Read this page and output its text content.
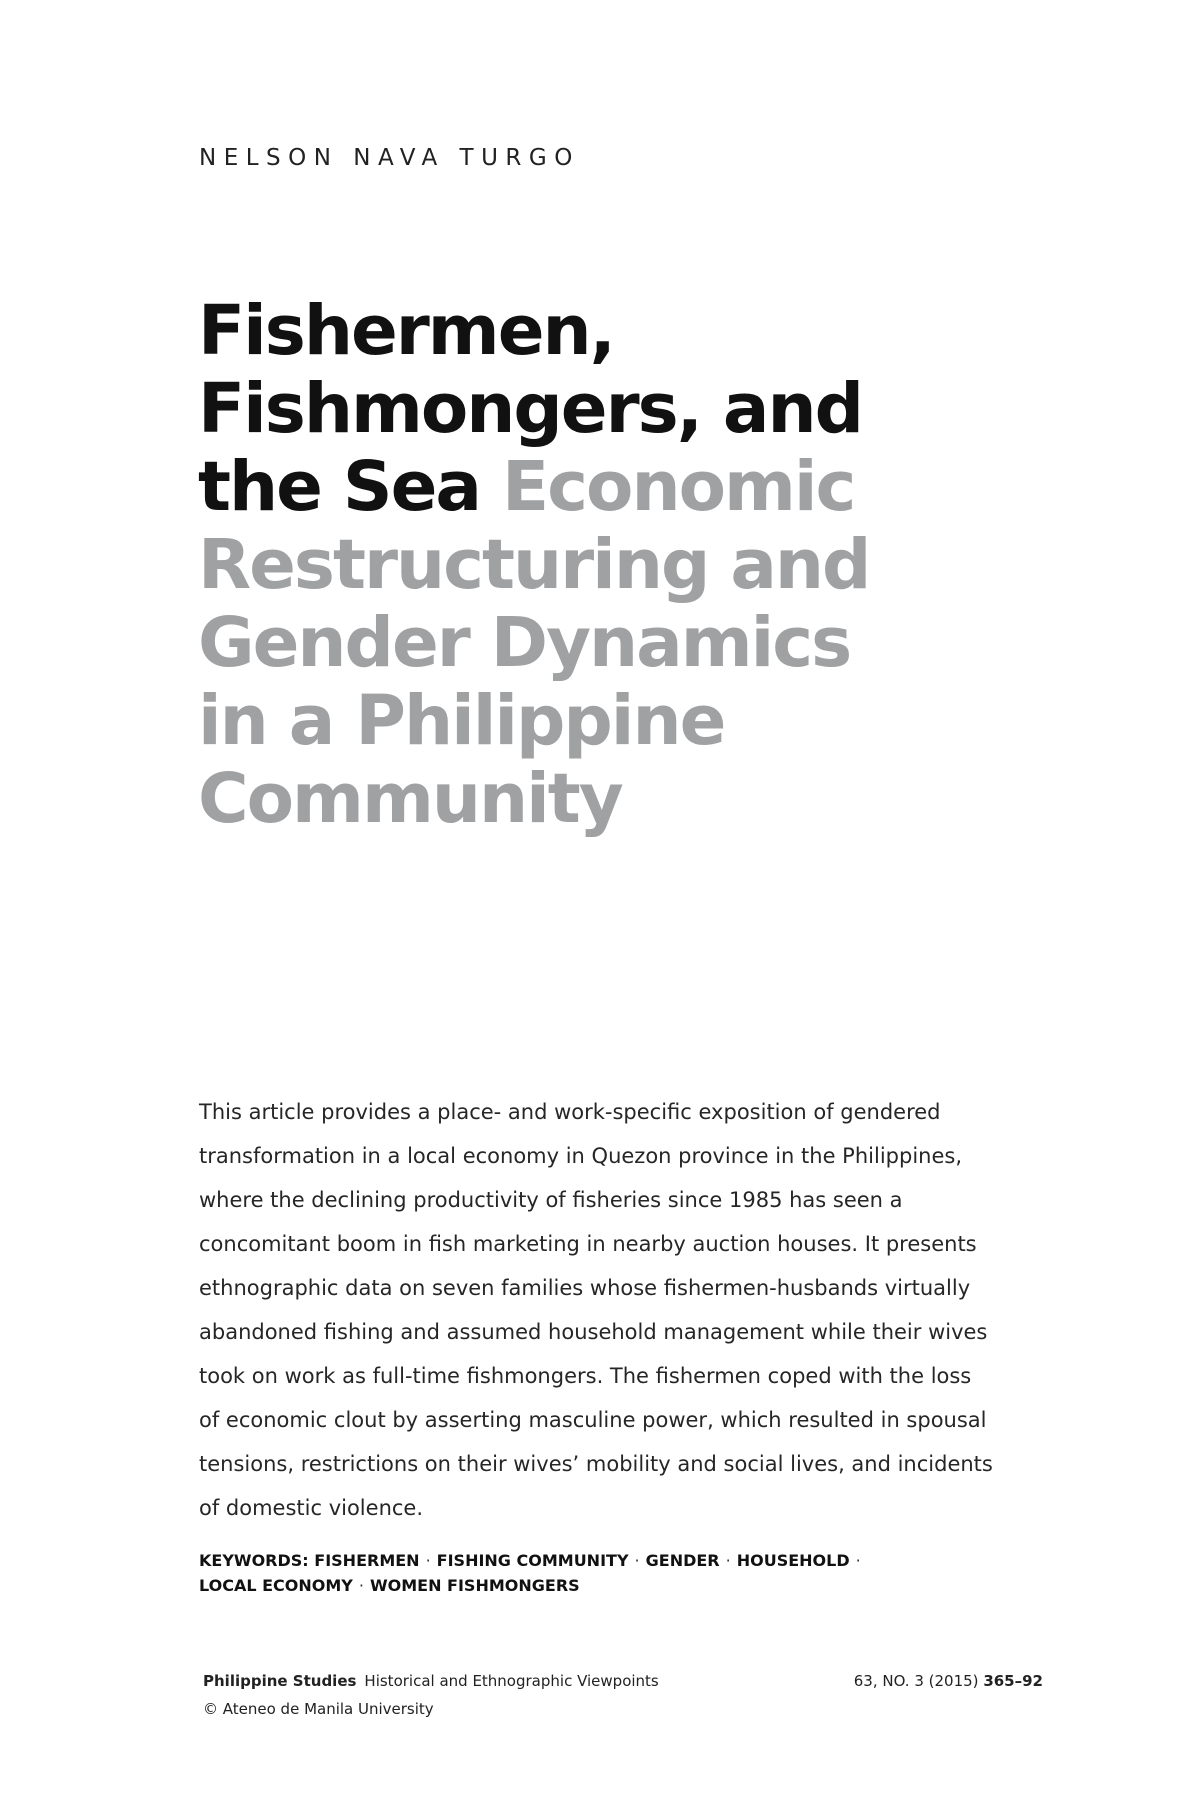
NELSON NAVA TURGO
Fishermen,
Fishmongers, and
the Sea Economic
Restructuring and
Gender Dynamics
in a Philippine
Community
This article provides a place- and work-specific exposition of gendered
transformation in a local economy in Quezon province in the Philippines,
where the declining productivity of fisheries since 1985 has seen a
concomitant boom in fish marketing in nearby auction houses. It presents
ethnographic data on seven families whose fishermen-husbands virtually
abandoned fishing and assumed household management while their wives
took on work as full-time fishmongers. The fishermen coped with the loss
of economic clout by asserting masculine power, which resulted in spousal
tensions, restrictions on their wives’ mobility and social lives, and incidents
of domestic violence.
KEYWORDS: FISHERMEN · FISHING COMMUNITY · GENDER · HOUSEHOLD ·
LOCAL ECONOMY · WOMEN FISHMONGERS
Philippine Studies Historical and Ethnographic Viewpoints	63, NO. 3 (2015) 365–92
© Ateneo de Manila University
